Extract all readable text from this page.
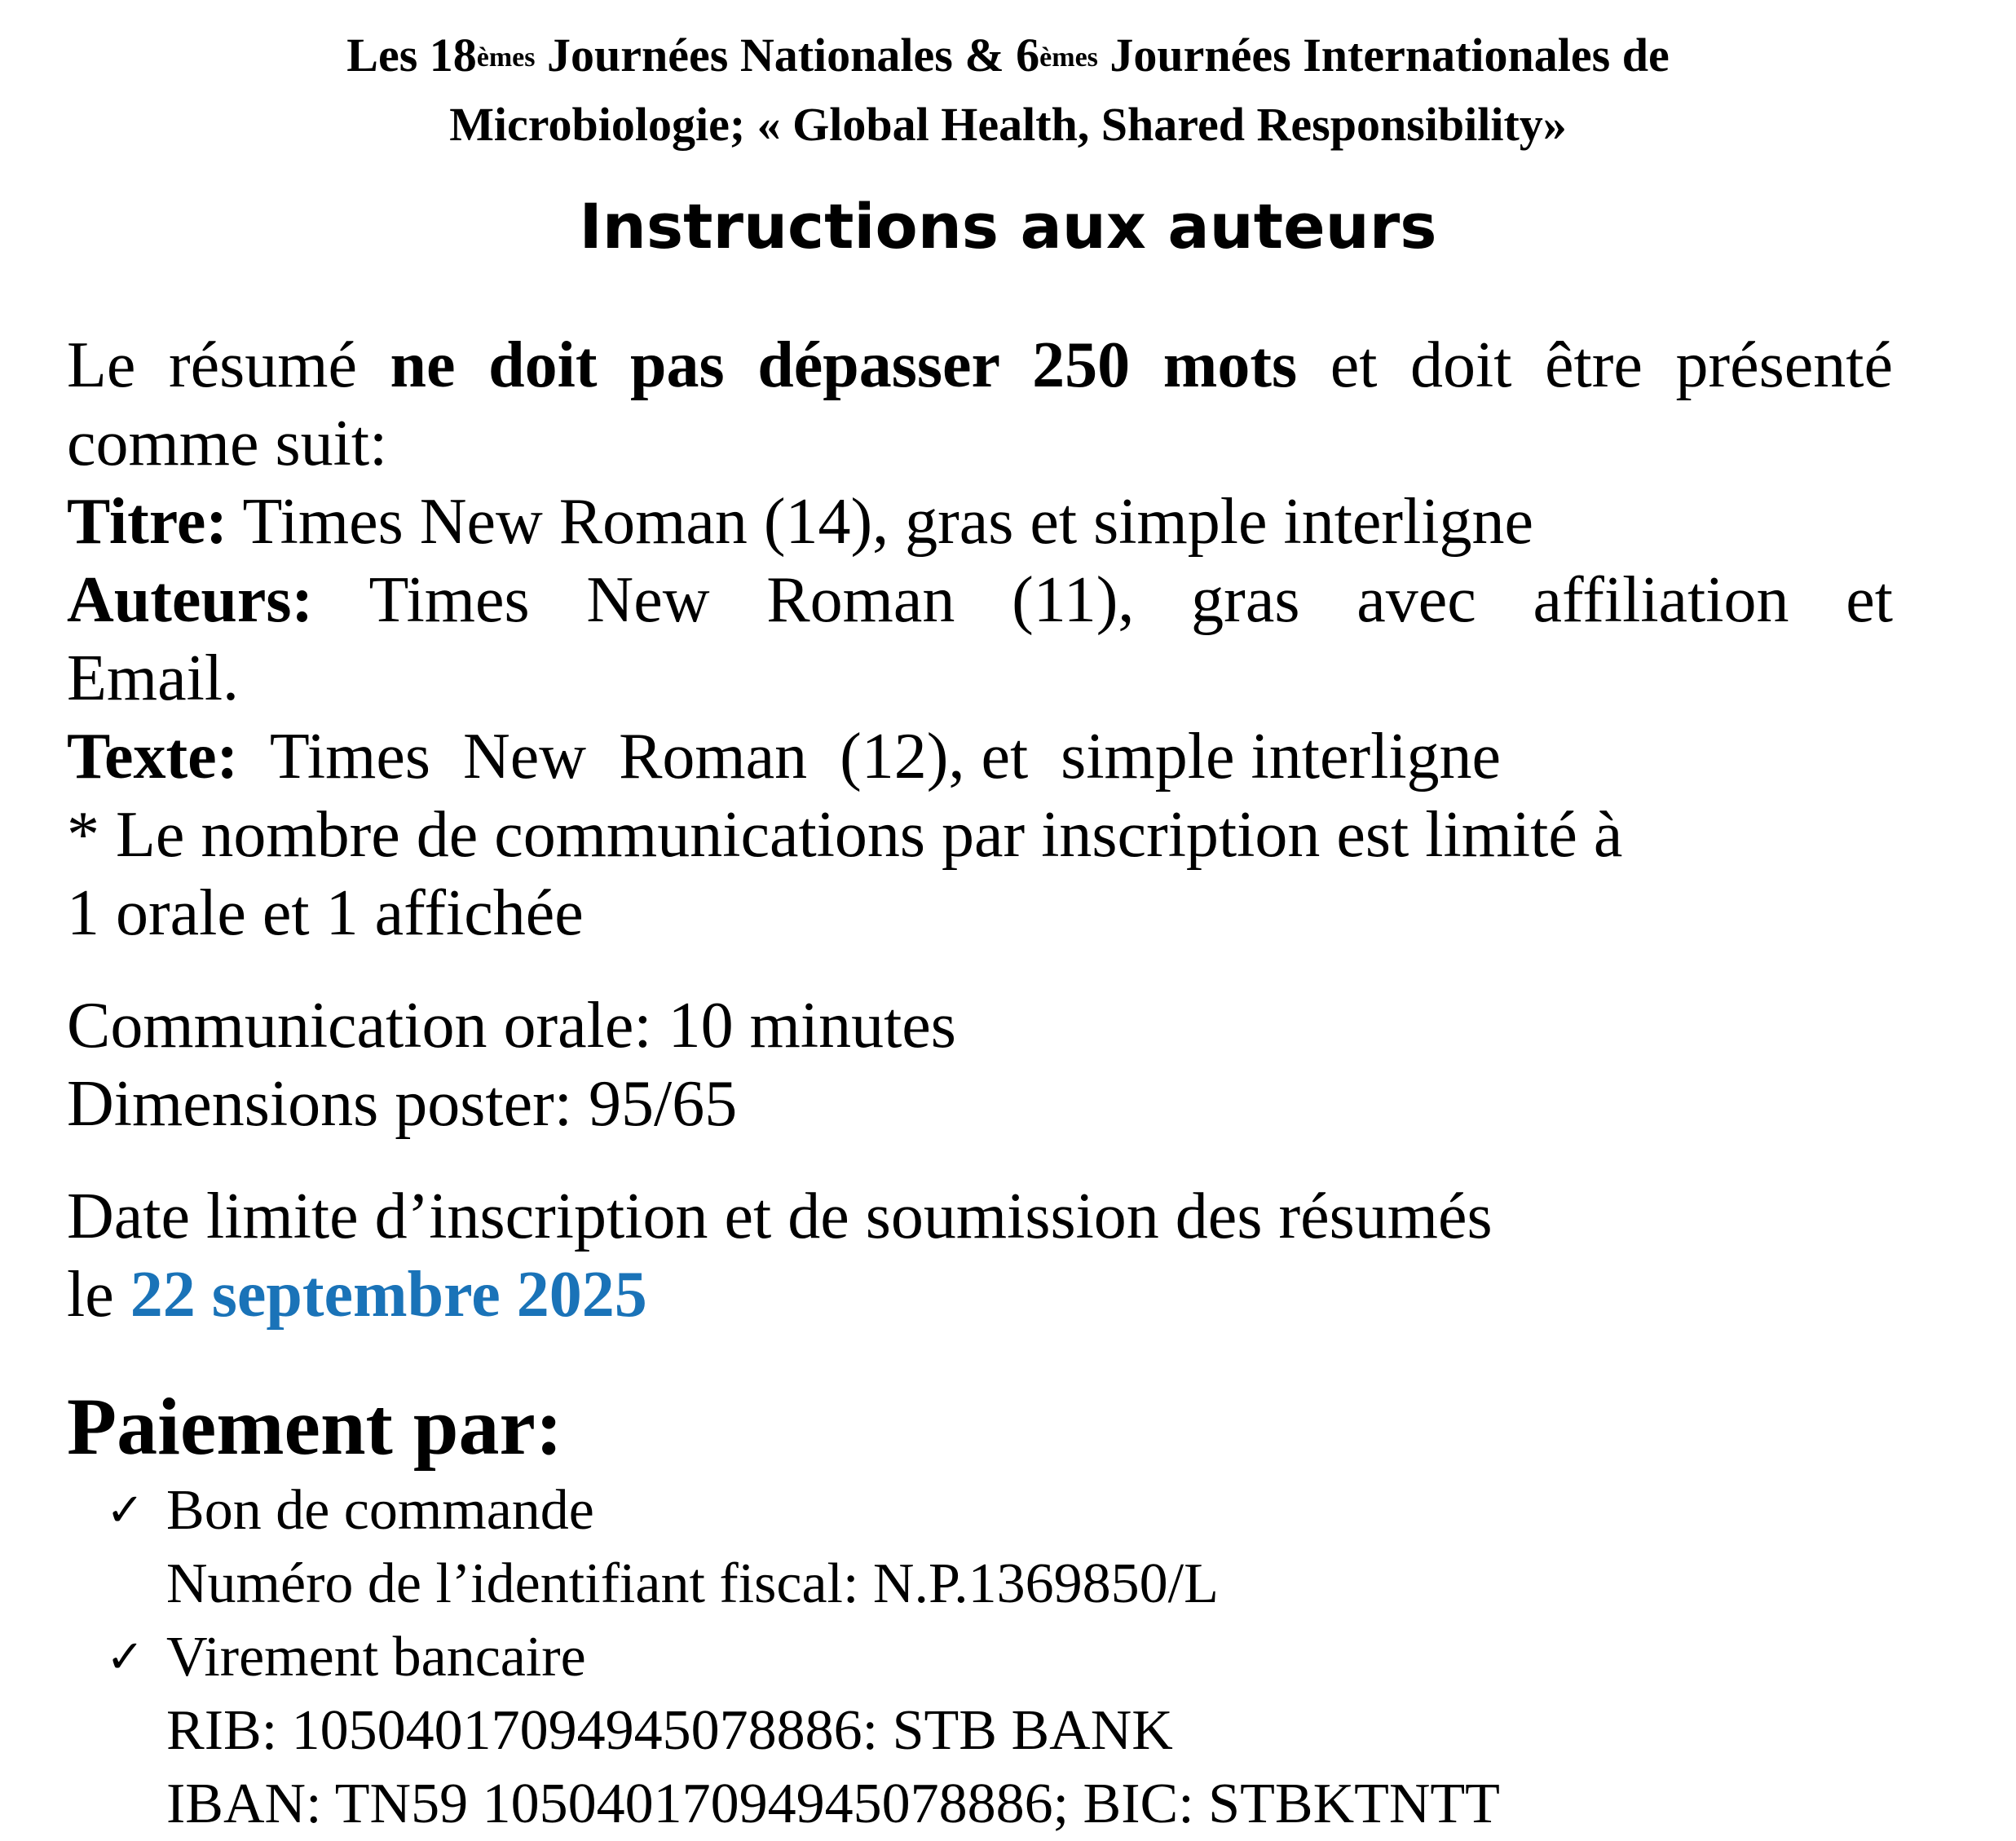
Les 18èmes Journées Nationales & 6èmes Journées Internationales de
Microbiologie; « Global Health, Shared Responsibility»
Instructions aux auteurs
Le résumé ne doit pas dépasser 250 mots et doit être présenté
comme suit:
Titre: Times New Roman (14), gras et simple interligne
Auteurs: Times New Roman (11), gras avec affiliation et
Email.
Texte:  Times  New  Roman  (12), et  simple interligne
* Le nombre de communications par inscription est limité à
1 orale et 1 affichée
Communication orale: 10 minutes
Dimensions poster: 95/65
Date limite d’inscription et de soumission des résumés
le 22 septembre 2025
Paiement par:
✓ Bon de commande
Numéro de l’identifiant fiscal: N.P.1369850/L
✓ Virement bancaire
RIB: 10504017094945078886: STB BANK
IBAN: TN59 10504017094945078886; BIC: STBKTNTT
